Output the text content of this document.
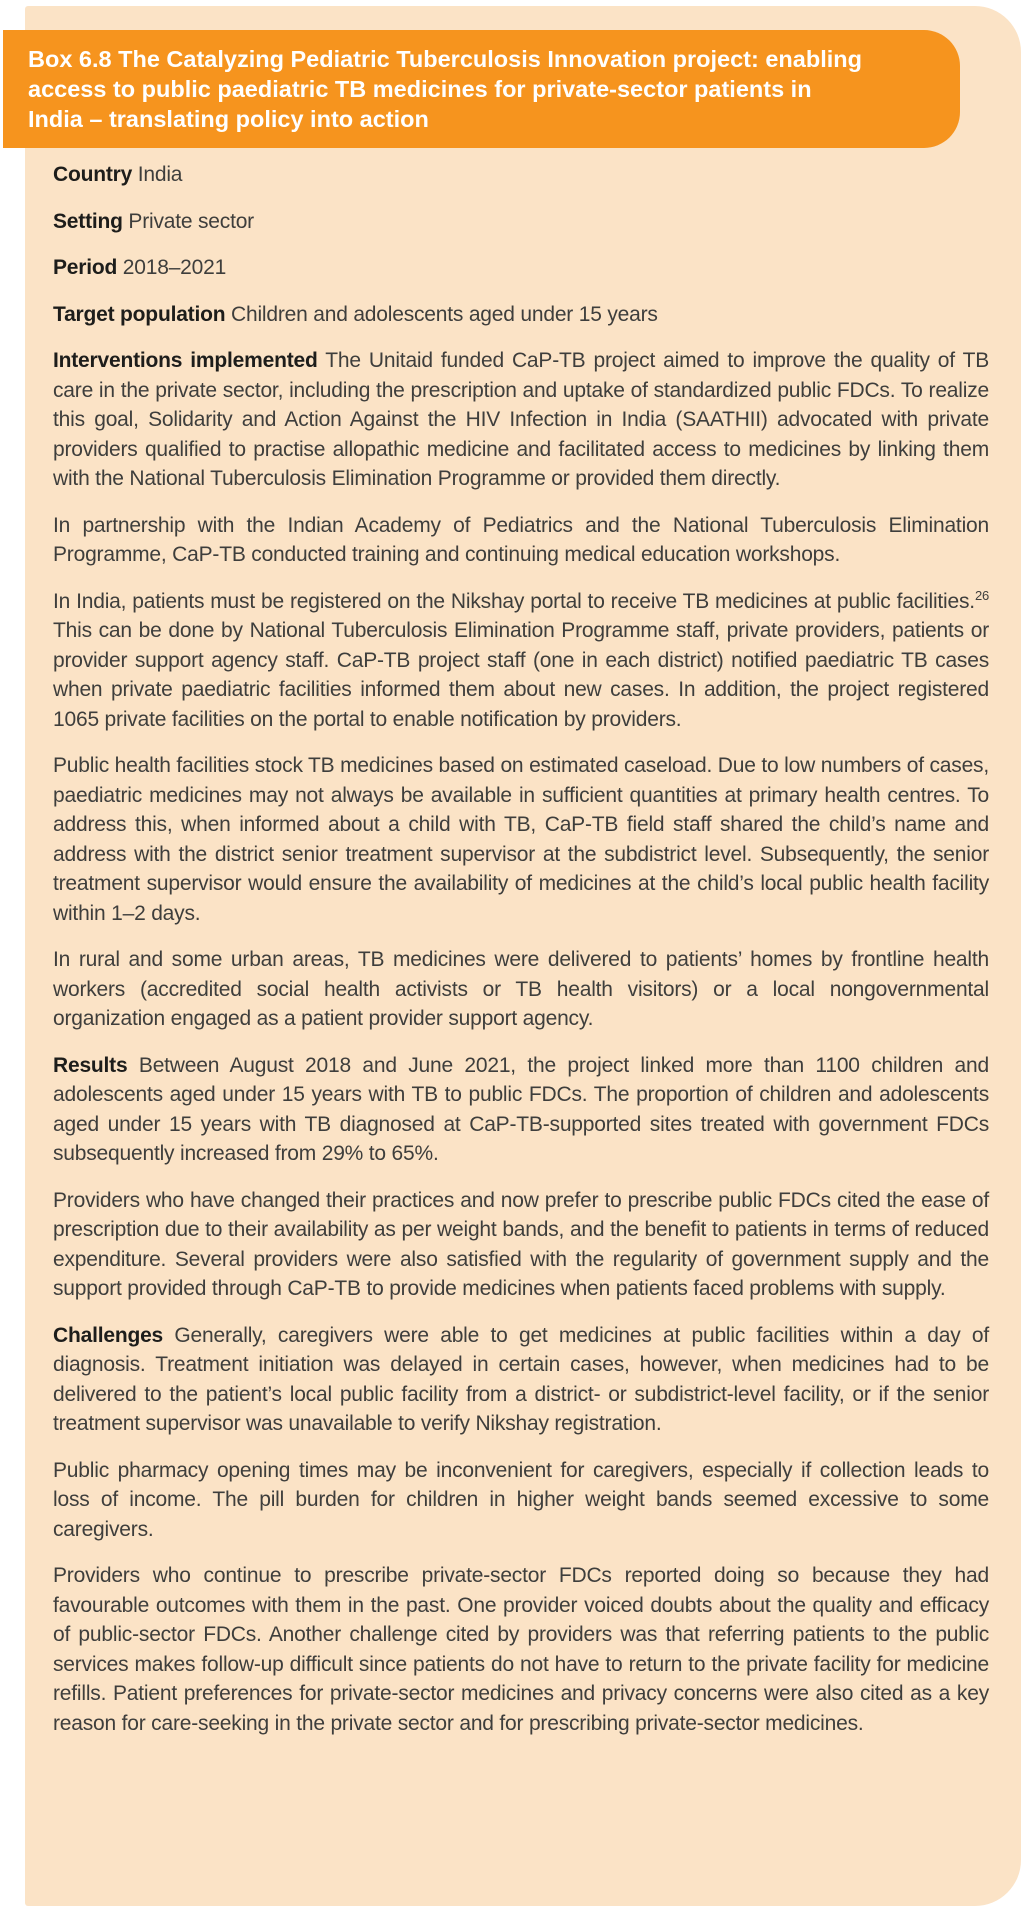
Box 6.8 The Catalyzing Pediatric Tuberculosis Innovation project: enabling access to public paediatric TB medicines for private-sector patients in India – translating policy into action

Country India

Setting Private sector

Period 2018–2021

Target population Children and adolescents aged under 15 years

Interventions implemented The Unitaid funded CaP-TB project aimed to improve the quality of TB care in the private sector, including the prescription and uptake of standardized public FDCs. To realize this goal, Solidarity and Action Against the HIV Infection in India (SAATHII) advocated with private providers qualified to practise allopathic medicine and facilitated access to medicines by linking them with the National Tuberculosis Elimination Programme or provided them directly.

In partnership with the Indian Academy of Pediatrics and the National Tuberculosis Elimination Programme, CaP-TB conducted training and continuing medical education workshops.

In India, patients must be registered on the Nikshay portal to receive TB medicines at public facilities.$^{26}$ This can be done by National Tuberculosis Elimination Programme staff, private providers, patients or provider support agency staff. CaP-TB project staff (one in each district) notified paediatric TB cases when private paediatric facilities informed them about new cases. In addition, the project registered 1065 private facilities on the portal to enable notification by providers.

Public health facilities stock TB medicines based on estimated caseload. Due to low numbers of cases, paediatric medicines may not always be available in sufficient quantities at primary health centres. To address this, when informed about a child with TB, CaP-TB field staff shared the child’s name and address with the district senior treatment supervisor at the subdistrict level. Subsequently, the senior treatment supervisor would ensure the availability of medicines at the child’s local public health facility within 1–2 days.

In rural and some urban areas, TB medicines were delivered to patients’ homes by frontline health workers (accredited social health activists or TB health visitors) or a local nongovernmental organization engaged as a patient provider support agency.

Results Between August 2018 and June 2021, the project linked more than 1100 children and adolescents aged under 15 years with TB to public FDCs. The proportion of children and adolescents aged under 15 years with TB diagnosed at CaP-TB-supported sites treated with government FDCs subsequently increased from 29% to 65%.

Providers who have changed their practices and now prefer to prescribe public FDCs cited the ease of prescription due to their availability as per weight bands, and the benefit to patients in terms of reduced expenditure. Several providers were also satisfied with the regularity of government supply and the support provided through CaP-TB to provide medicines when patients faced problems with supply.

Challenges Generally, caregivers were able to get medicines at public facilities within a day of diagnosis. Treatment initiation was delayed in certain cases, however, when medicines had to be delivered to the patient’s local public facility from a district- or subdistrict-level facility, or if the senior treatment supervisor was unavailable to verify Nikshay registration.

Public pharmacy opening times may be inconvenient for caregivers, especially if collection leads to loss of income. The pill burden for children in higher weight bands seemed excessive to some caregivers.

Providers who continue to prescribe private-sector FDCs reported doing so because they had favourable outcomes with them in the past. One provider voiced doubts about the quality and efficacy of public-sector FDCs. Another challenge cited by providers was that referring patients to the public services makes follow-up difficult since patients do not have to return to the private facility for medicine refills. Patient preferences for private-sector medicines and privacy concerns were also cited as a key reason for care-seeking in the private sector and for prescribing private-sector medicines.
